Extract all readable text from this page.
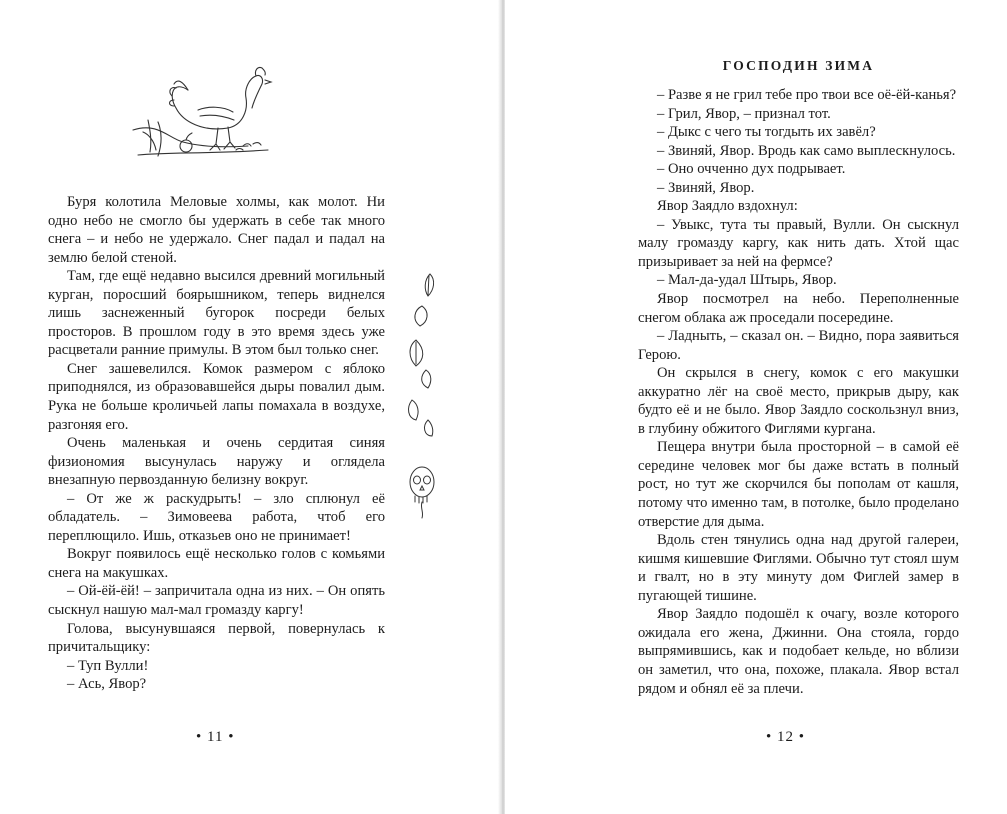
Буря колотила Меловые холмы, как молот. Ни одно небо не смогло бы удержать в себе так много снега – и небо не удержало. Снег падал и падал на землю белой стеной.

Там, где ещё недавно высился древний могильный курган, поросший боярышником, теперь виднелся лишь заснеженный бугорок посреди белых просторов. В прошлом году в это время здесь уже расцветали ранние примулы. В этом был только снег.

Снег зашевелился. Комок размером с яблоко приподнялся, из образовавшейся дыры повалил дым. Рука не больше кроличьей лапы помахала в воздухе, разгоняя его.

Очень маленькая и очень сердитая синяя физиономия высунулась наружу и оглядела внезапную первозданную белизну вокруг.

– От же ж раскудрыть! – зло сплюнул её обладатель. – Зимовеева работа, чтоб его переплющило. Ишь, отказьев оно не принимает!

Вокруг появилось ещё несколько голов с комьями снега на макушках.

– Ой-ёй-ёй! – запричитала одна из них. – Он опять сыскнул нашую мал-мал громазду каргу!

Голова, высунувшаяся первой, повернулась к причитальщику:

– Туп Вулли!

– Ась, Явор?

• 11 •
ГОСПОДИН ЗИМА

– Разве я не грил тебе про твои все оё-ёй-канья?

– Грил, Явор, – признал тот.

– Дыкс с чего ты тогдыть их завёл?

– Звиняй, Явор. Вродь как само выплескнулось.

– Оно очченно дух подрывает.

– Звиняй, Явор.

Явор Заядло вздохнул:

– Увыкс, тута ты правый, Вулли. Он сыскнул малу громазду каргу, как нить дать. Хтой щас призыривает за ней на фермсе?

– Мал-да-удал Штырь, Явор.

Явор посмотрел на небо. Переполненные снегом облака аж проседали посередине.

– Ладныть, – сказал он. – Видно, пора заявиться Герою.

Он скрылся в снегу, комок с его макушки аккуратно лёг на своё место, прикрыв дыру, как будто её и не было. Явор Заядло соскользнул вниз, в глубину обжитого Фиглями кургана.

Пещера внутри была просторной – в самой её середине человек мог бы даже встать в полный рост, но тут же скорчился бы пополам от кашля, потому что именно там, в потолке, было проделано отверстие для дыма.

Вдоль стен тянулись одна над другой галереи, кишмя кишевшие Фиглями. Обычно тут стоял шум и гвалт, но в эту минуту дом Фиглей замер в пугающей тишине.

Явор Заядло подошёл к очагу, возле которого ожидала его жена, Джинни. Она стояла, гордо выпрямившись, как и подобает кельде, но вблизи он заметил, что она, похоже, плакала. Явор встал рядом и обнял её за плечи.

• 12 •
